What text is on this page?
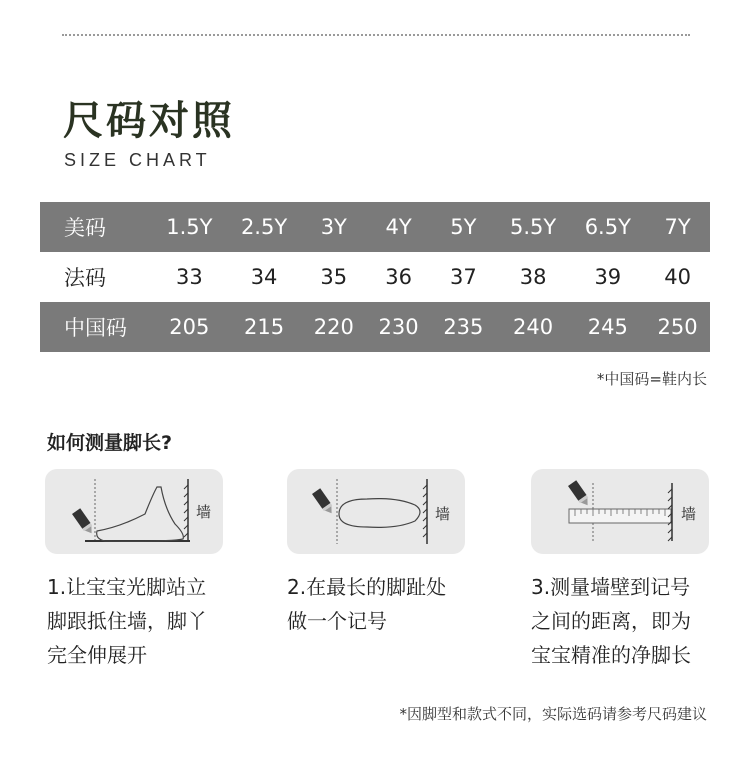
尺码对照
SIZE CHART
美码	1.5Y	2.5Y	3Y	4Y	5Y	5.5Y	6.5Y	7Y
法码	33	34	35	36	37	38	39	40
中国码	205	215	220	230	235	240	245	250
*中国码=鞋内长
如何测量脚长?
墙	墙	墙
1.让宝宝光脚站立
脚跟抵住墙，脚丫
完全伸展开
2.在最长的脚趾处
做一个记号
3.测量墙壁到记号
之间的距离，即为
宝宝精准的净脚长
*因脚型和款式不同，实际选码请参考尺码建议
